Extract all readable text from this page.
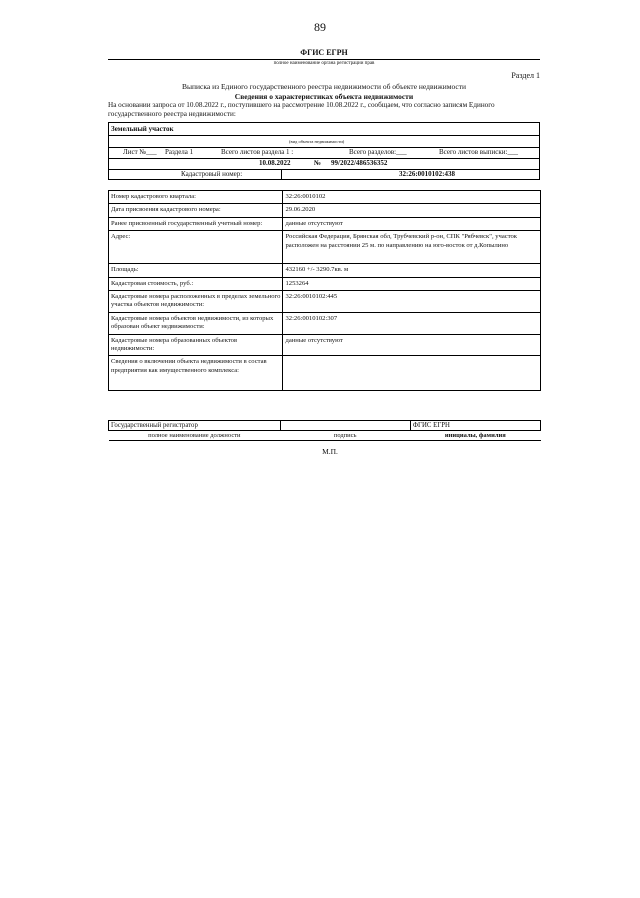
89
ФГИС ЕГРН
полное наименование органа регистрации прав
Раздел 1
Выписка из Единого государственного реестра недвижимости об объекте недвижимости
Сведения о характеристиках объекта недвижимости
На основании запроса от 10.08.2022 г., поступившего на рассмотрение 10.08.2022 г., сообщаем, что согласно записям Единого государственного реестра недвижимости:
Земельный участок
(вид объекта недвижимости)
Лист №___ Раздела 1	Всего листов раздела 1 :	Всего разделов:___	Всего листов выписки:___
10.08.2022	№ 99/2022/486536352
Кадастровый номер:	32:26:0010102:438
Номер кадастрового квартала:	32:26:0010102
Дата присвоения кадастрового номера:	29.06.2020
Ранее присвоенный государственный учетный номер:	данные отсутствуют
Адрес:	Российская Федерация, Брянская обл, Трубчевский р-он, СПК "Рябчевск", участок расположен на расстоянии 25 м. по направлению на юго-восток от д.Копылино
Площадь:	432160 +/- 3290.7кв. м
Кадастровая стоимость, руб.:	1253264
Кадастровые номера расположенных в пределах земельного участка объектов недвижимости:	32:26:0010102:445
Кадастровые номера объектов недвижимости, из которых образован объект недвижимости:	32:26:0010102:307
Кадастровые номера образованных объектов недвижимости:	данные отсутствуют
Сведения о включении объекта недвижимости в состав предприятия как имущественного комплекса:	
Государственный регистратор		ФГИС ЕГРН
полное наименование должности	подпись	инициалы, фамилия
М.П.
